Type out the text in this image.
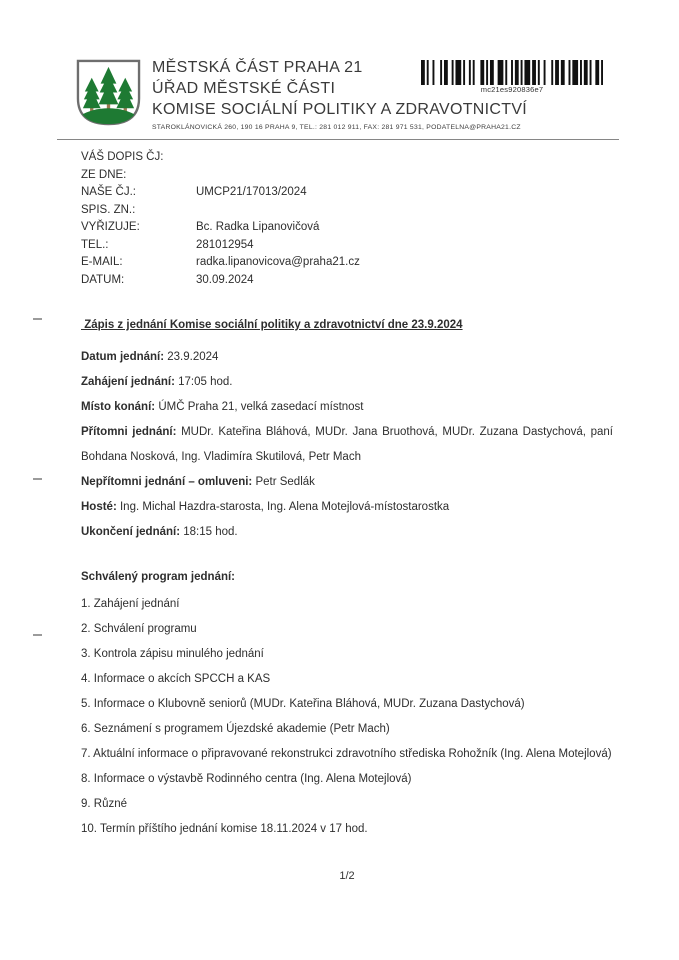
MĚSTSKÁ ČÁST PRAHA 21
ÚŘAD MĚSTSKÉ ČÁSTI
KOMISE SOCIÁLNÍ POLITIKY A ZDRAVOTNICTVÍ
STAROKLÁNOVICKÁ 260, 190 16 PRAHA 9, TEL.: 281 012 911, FAX: 281 971 531, PODATELNA@PRAHA21.CZ
mc21es920836e7
VÁŠ DOPIS ČJ:
ZE DNE:
NAŠE ČJ.:	UMCP21/17013/2024
SPIS. ZN.:
VYŘIZUJE:	Bc. Radka Lipanovičová
TEL.:	281012954
E-MAIL:	radka.lipanovicova@praha21.cz
DATUM:	30.09.2024

Zápis z jednání Komise sociální politiky a zdravotnictví dne 23.9.2024

Datum jednání: 23.9.2024

Zahájení jednání: 17:05 hod.

Místo konání: ÚMČ Praha 21, velká zasedací místnost

Přítomni jednání: MUDr. Kateřina Bláhová, MUDr. Jana Bruothová, MUDr. Zuzana Dastychová, paní Bohdana Nosková, Ing. Vladimíra Skutilová, Petr Mach

Nepřítomni jednání – omluveni: Petr Sedlák

Hosté: Ing. Michal Hazdra-starosta, Ing. Alena Motejlová-místostarostka

Ukončení jednání: 18:15 hod.

Schválený program jednání:

1. Zahájení jednání

2. Schválení programu

3. Kontrola zápisu minulého jednání

4. Informace o akcích SPCCH a KAS

5. Informace o Klubovně seniorů (MUDr. Kateřina Bláhová, MUDr. Zuzana Dastychová)

6. Seznámení s programem Újezdské akademie (Petr Mach)

7. Aktuální informace o připravované rekonstrukci zdravotního střediska Rohožník (Ing. Alena Motejlová)

8. Informace o výstavbě Rodinného centra (Ing. Alena Motejlová)

9. Různé

10. Termín příštího jednání komise 18.11.2024 v 17 hod.

1/2
